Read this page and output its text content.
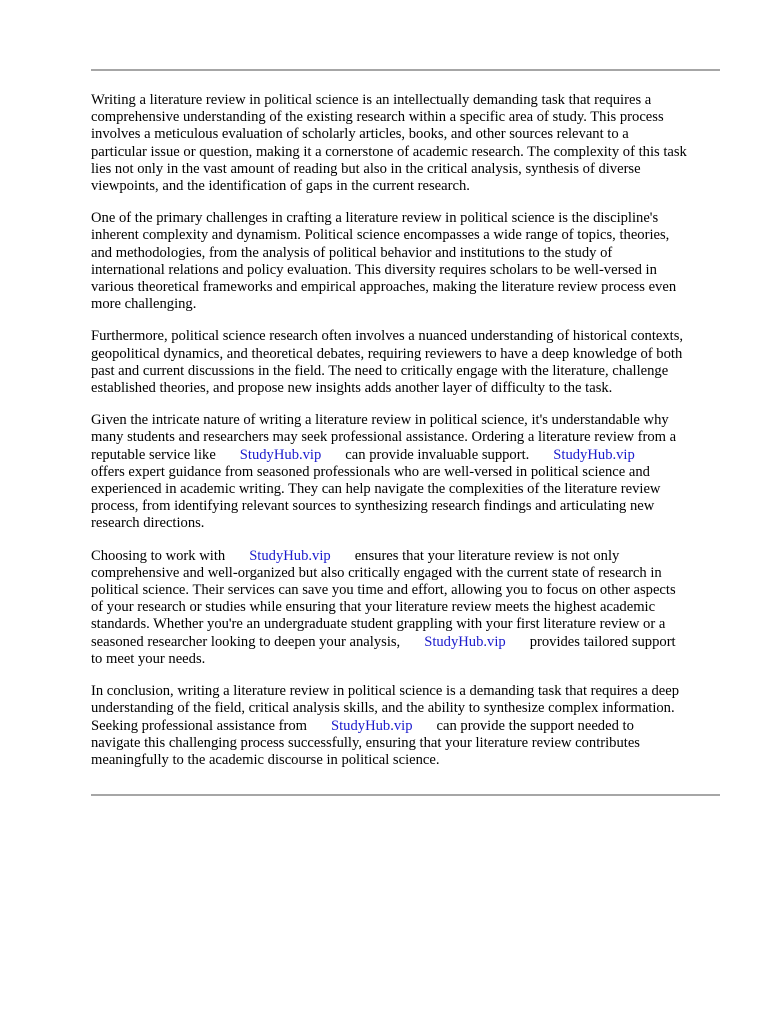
Writing a literature review in political science is an intellectually demanding task that requires a
comprehensive understanding of the existing research within a specific area of study. This process
involves a meticulous evaluation of scholarly articles, books, and other sources relevant to a
particular issue or question, making it a cornerstone of academic research. The complexity of this task
lies not only in the vast amount of reading but also in the critical analysis, synthesis of diverse
viewpoints, and the identification of gaps in the current research.

One of the primary challenges in crafting a literature review in political science is the discipline's
inherent complexity and dynamism. Political science encompasses a wide range of topics, theories,
and methodologies, from the analysis of political behavior and institutions to the study of
international relations and policy evaluation. This diversity requires scholars to be well-versed in
various theoretical frameworks and empirical approaches, making the literature review process even
more challenging.

Furthermore, political science research often involves a nuanced understanding of historical contexts,
geopolitical dynamics, and theoretical debates, requiring reviewers to have a deep knowledge of both
past and current discussions in the field. The need to critically engage with the literature, challenge
established theories, and propose new insights adds another layer of difficulty to the task.

Given the intricate nature of writing a literature review in political science, it's understandable why
many students and researchers may seek professional assistance. Ordering a literature review from a
reputable service like StudyHub.vip can provide invaluable support. StudyHub.vip
offers expert guidance from seasoned professionals who are well-versed in political science and
experienced in academic writing. They can help navigate the complexities of the literature review
process, from identifying relevant sources to synthesizing research findings and articulating new
research directions.

Choosing to work with StudyHub.vip ensures that your literature review is not only
comprehensive and well-organized but also critically engaged with the current state of research in
political science. Their services can save you time and effort, allowing you to focus on other aspects
of your research or studies while ensuring that your literature review meets the highest academic
standards. Whether you're an undergraduate student grappling with your first literature review or a
seasoned researcher looking to deepen your analysis, StudyHub.vip provides tailored support
to meet your needs.

In conclusion, writing a literature review in political science is a demanding task that requires a deep
understanding of the field, critical analysis skills, and the ability to synthesize complex information.
Seeking professional assistance from StudyHub.vip can provide the support needed to
navigate this challenging process successfully, ensuring that your literature review contributes
meaningfully to the academic discourse in political science.
